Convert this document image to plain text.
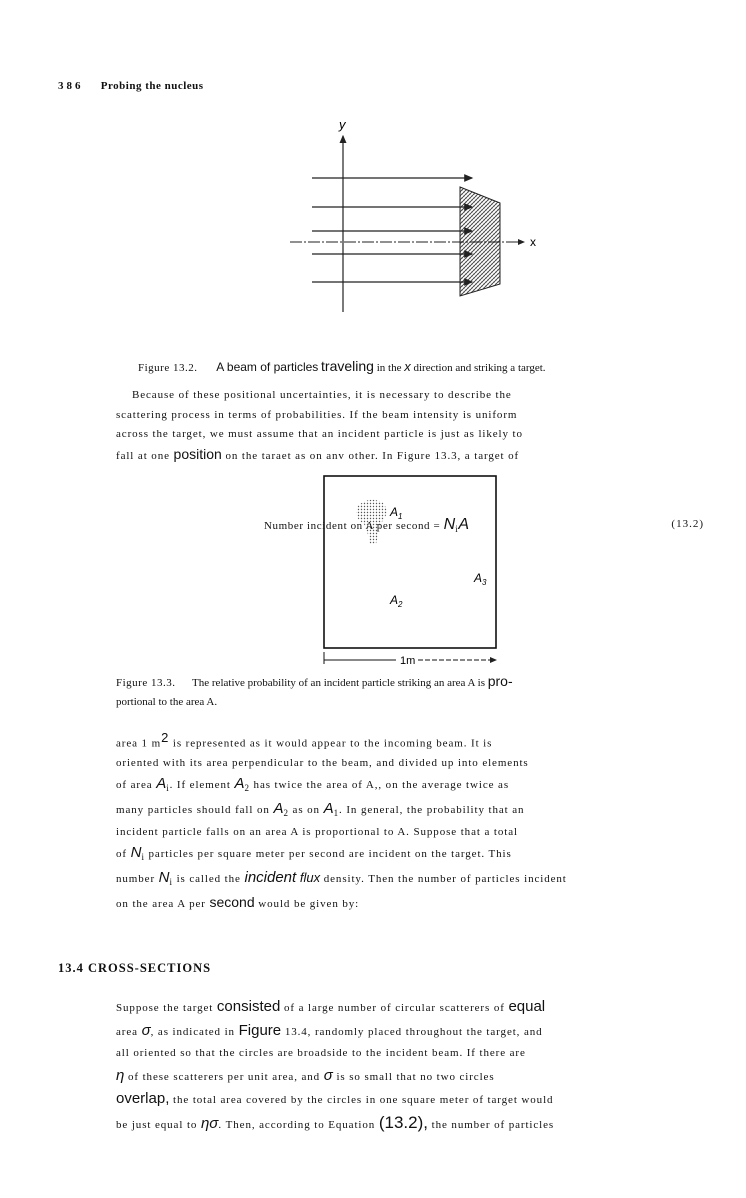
386 Probing the nucleus
y
x
Figure 13.2. A beam of particles traveling in the x direction and striking a target.

Because of these positional uncertainties, it is necessary to describe the

scattering process in terms of probabilities. If the beam intensity is uniform

across the target, we must assume that an incident particle is just as likely to

fall at one position on the taraet as on anv other. In Figure 13.3, a target of

$A_1$
$A_2$
$A_3$
1m
Figure 13.3. The relative probability of an incident particle striking an area A is pro-
portional to the area A.

area 1 $m^2$ is represented as it would appear to the incoming beam. It is

oriented with its area perpendicular to the beam, and divided up into elements

of area $A_i$. If element $A_2$ has twice the area of A,, on the average twice as

many particles should fall on $A_2$ as on $A_1$. In general, the probability that an

incident particle falls on an area A is proportional to A. Suppose that a total

of $N_i$ particles per square meter per second are incident on the target. This

number $N_i$ is called the incident flux density. Then the number of particles incident

on the area A per second would be given by:

Number incident on A per second = $N_iA$	(13.2)
13.4 CROSS-SECTIONS

Suppose the target consisted of a large number of circular scatterers of equal

area σ, as indicated in Figure 13.4, randomly placed throughout the target, and

all oriented so that the circles are broadside to the incident beam. If there are

η of these scatterers per unit area, and σ is so small that no two circles

overlap, the total area covered by the circles in one square meter of target would

be just equal to ησ. Then, according to Equation (13.2), the number of particles
